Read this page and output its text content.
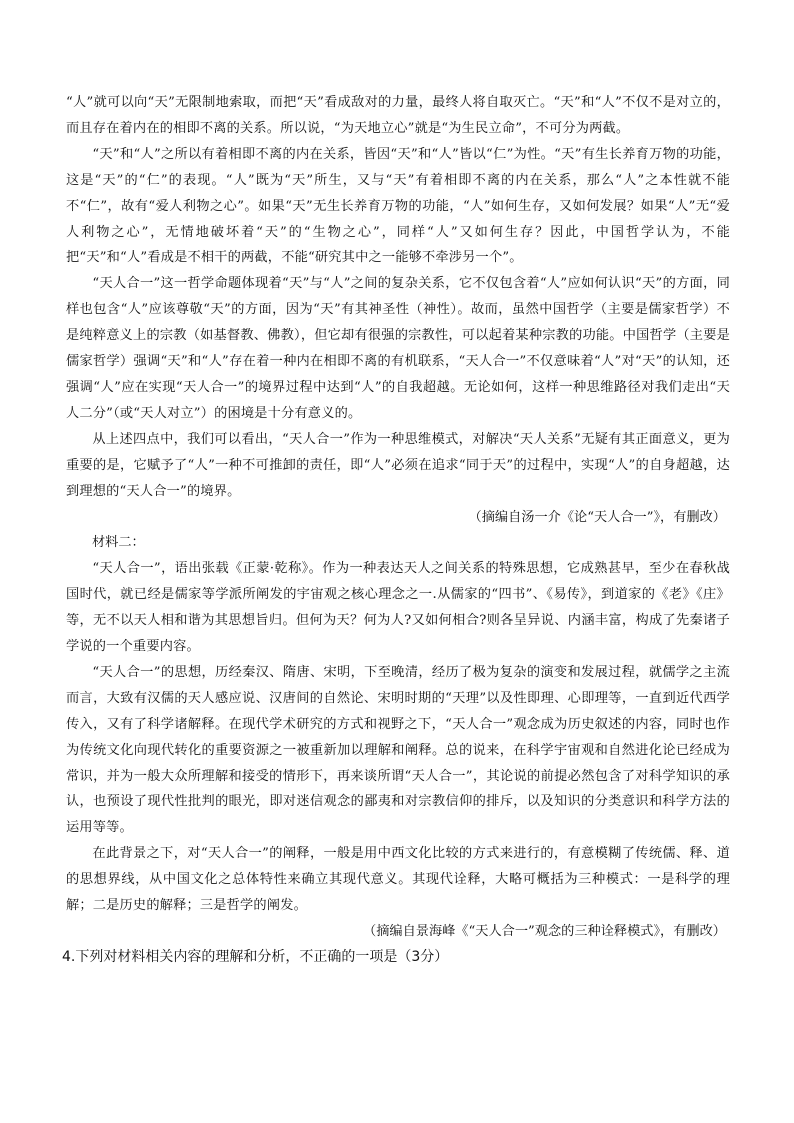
“人”就可以向“天”无限制地索取，而把“天”看成敌对的力量，最终人将自取灭亡。“天”和“人”不仅不是对立的，而且存在着内在的相即不离的关系。所以说，“为天地立心”就是“为生民立命”，不可分为两截。

“天”和“人”之所以有着相即不离的内在关系，皆因“天”和“人”皆以“仁”为性。“天”有生长养育万物的功能，这是“天”的“仁”的表现。“人”既为“天”所生，又与“天”有着相即不离的内在关系，那么“人”之本性就不能不“仁”，故有“爱人利物之心”。如果“天”无生长养育万物的功能，“人”如何生存，又如何发展？如果“人”无“爱人利物之心”，无情地破坏着“天”的“生物之心”，同样“人”又如何生存？因此，中国哲学认为，不能把“天”和“人”看成是不相干的两截，不能“研究其中之一能够不牵涉另一个”。

“天人合一”这一哲学命题体现着“天”与“人”之间的复杂关系，它不仅包含着“人”应如何认识“天”的方面，同样也包含“人”应该尊敬“天”的方面，因为“天”有其神圣性（神性）。故而，虽然中国哲学（主要是儒家哲学）不是纯粹意义上的宗教（如基督教、佛教），但它却有很强的宗教性，可以起着某种宗教的功能。中国哲学（主要是儒家哲学）强调“天”和“人”存在着一种内在相即不离的有机联系，“天人合一”不仅意味着“人”对“天”的认知，还强调“人”应在实现“天人合一”的境界过程中达到“人”的自我超越。无论如何，这样一种思维路径对我们走出“天人二分”（或“天人对立”）的困境是十分有意义的。

从上述四点中，我们可以看出，“天人合一”作为一种思维模式，对解决“天人关系”无疑有其正面意义，更为重要的是，它赋予了“人”一种不可推卸的责任，即“人”必须在追求“同于天”的过程中，实现“人”的自身超越，达到理想的“天人合一”的境界。

（摘编自汤一介《论“天人合一”》，有删改）

材料二：

“天人合一”，语出张载《正蒙·乾称》。作为一种表达天人之间关系的特殊思想，它成熟甚早，至少在春秋战国时代，就已经是儒家等学派所阐发的宇宙观之核心理念之一.从儒家的“四书”、《易传》，到道家的《老》《庄》等，无不以天人相和谐为其思想旨归。但何为天？何为人?又如何相合?则各呈异说、内涵丰富，构成了先秦诸子学说的一个重要内容。

“天人合一”的思想，历经秦汉、隋唐、宋明，下至晚清，经历了极为复杂的演变和发展过程，就儒学之主流而言，大致有汉儒的天人感应说、汉唐间的自然论、宋明时期的“天理”以及性即理、心即理等，一直到近代西学传入，又有了科学诸解释。在现代学术研究的方式和视野之下，“天人合一”观念成为历史叙述的内容，同时也作为传统文化向现代转化的重要资源之一被重新加以理解和阐释。总的说来，在科学宇宙观和自然进化论已经成为常识，并为一般大众所理解和接受的情形下，再来谈所谓“天人合一”，其论说的前提必然包含了对科学知识的承认，也预设了现代性批判的眼光，即对迷信观念的鄙夷和对宗教信仰的排斥，以及知识的分类意识和科学方法的运用等等。

在此背景之下，对“天人合一”的阐释，一般是用中西文化比较的方式来进行的，有意模糊了传统儒、释、道的思想界线，从中国文化之总体特性来确立其现代意义。其现代诠释，大略可概括为三种模式：一是科学的理解；二是历史的解释；三是哲学的阐发。

（摘编自景海峰《“天人合一”观念的三种诠释模式》，有删改）

4.下列对材料相关内容的理解和分析，不正确的一项是（3分）
